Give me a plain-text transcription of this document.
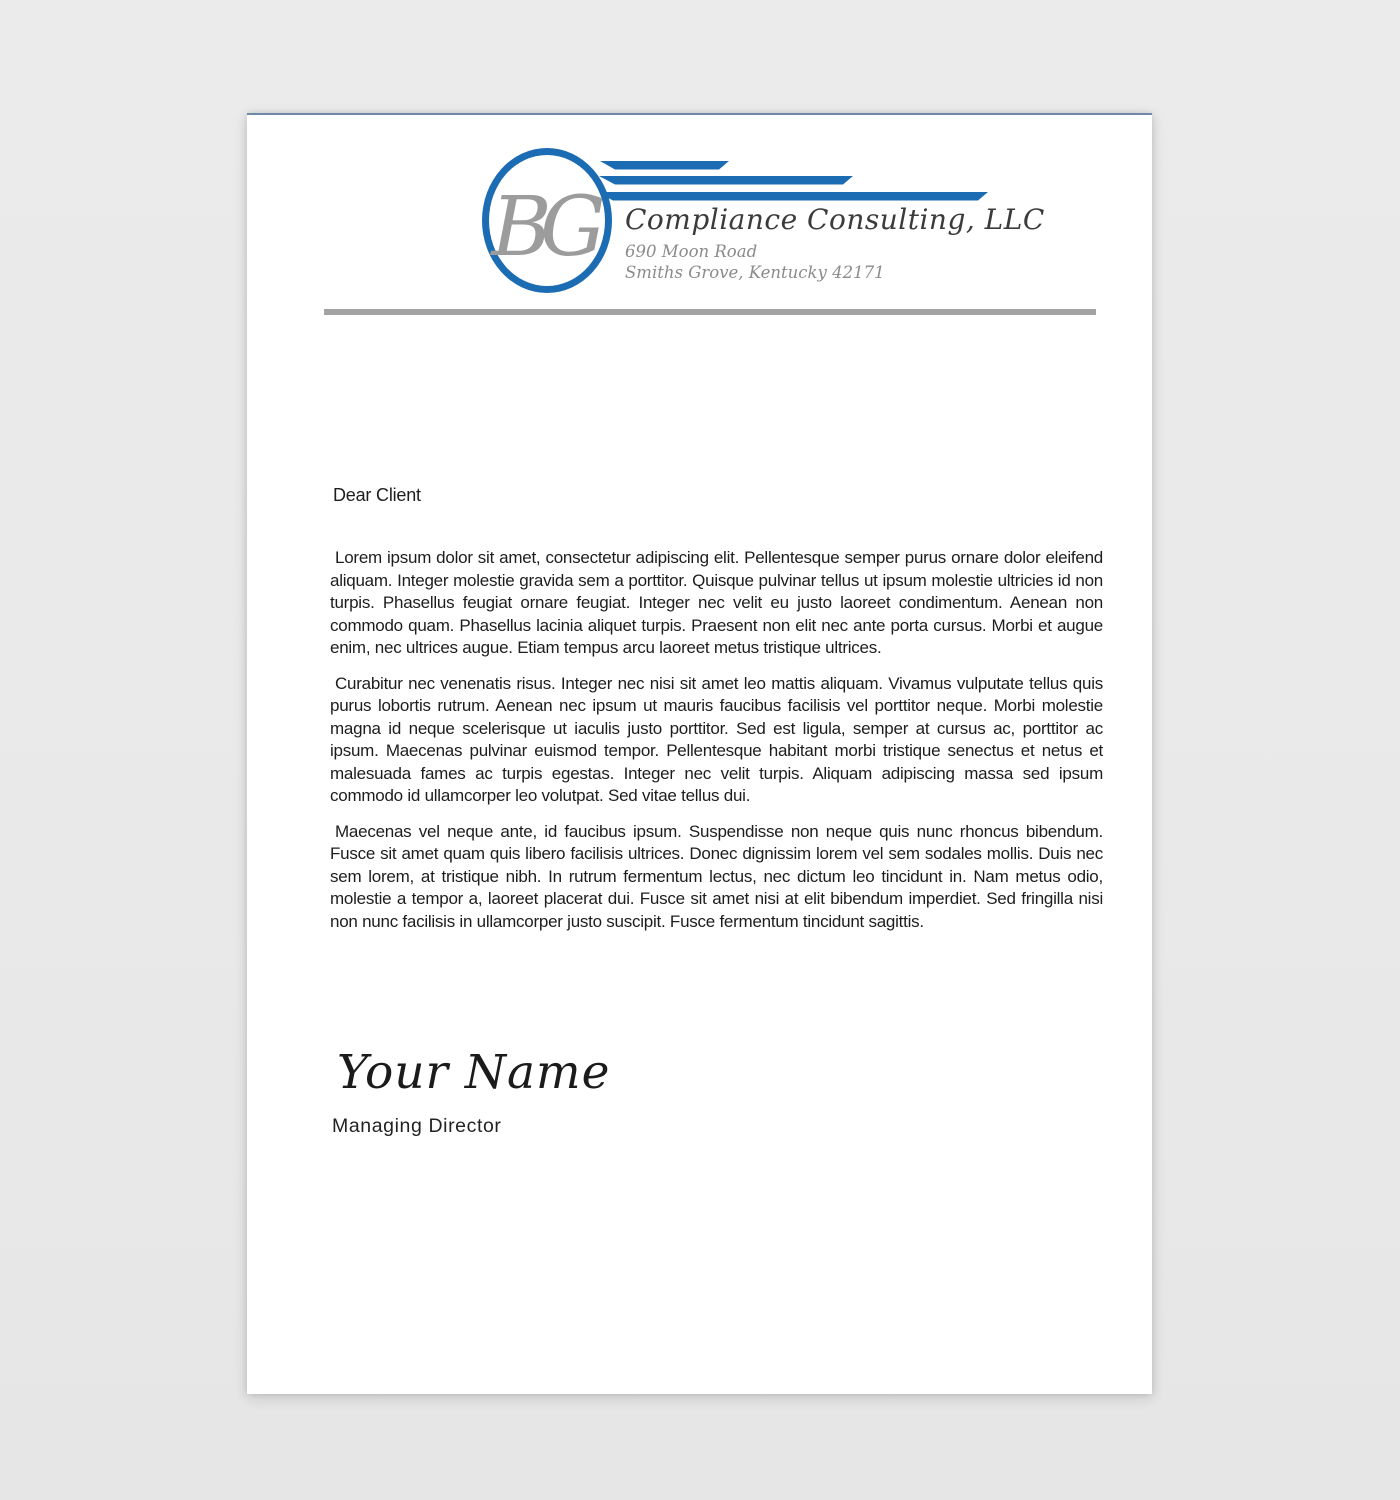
BG	Compliance Consulting, LLC
690 Moon Road
Smiths Grove, Kentucky 42171
Dear Client

Lorem ipsum dolor sit amet, consectetur adipiscing elit. Pellentesque semper purus ornare dolor eleifend aliquam. Integer molestie gravida sem a porttitor. Quisque pulvinar tellus ut ipsum molestie ultricies id non turpis. Phasellus feugiat ornare feugiat. Integer nec velit eu justo laoreet condimentum. Aenean non commodo quam. Phasellus lacinia aliquet turpis. Praesent non elit nec ante porta cursus. Morbi et augue enim, nec ultrices augue. Etiam tempus arcu laoreet metus tristique ultrices.

Curabitur nec venenatis risus. Integer nec nisi sit amet leo mattis aliquam. Vivamus vulputate tellus quis purus lobortis rutrum. Aenean nec ipsum ut mauris faucibus facilisis vel porttitor neque. Morbi molestie magna id neque scelerisque ut iaculis justo porttitor. Sed est ligula, semper at cursus ac, porttitor ac ipsum. Maecenas pulvinar euismod tempor. Pellentesque habitant morbi tristique senectus et netus et malesuada fames ac turpis egestas. Integer nec velit turpis. Aliquam adipiscing massa sed ipsum commodo id ullamcorper leo volutpat. Sed vitae tellus dui.

Maecenas vel neque ante, id faucibus ipsum. Suspendisse non neque quis nunc rhoncus bibendum. Fusce sit amet quam quis libero facilisis ultrices. Donec dignissim lorem vel sem sodales mollis. Duis nec sem lorem, at tristique nibh. In rutrum fermentum lectus, nec dictum leo tincidunt in. Nam metus odio, molestie a tempor a, laoreet placerat dui. Fusce sit amet nisi at elit bibendum imperdiet. Sed fringilla nisi non nunc facilisis in ullamcorper justo suscipit. Fusce fermentum tincidunt sagittis.

Your Name
Managing Director
